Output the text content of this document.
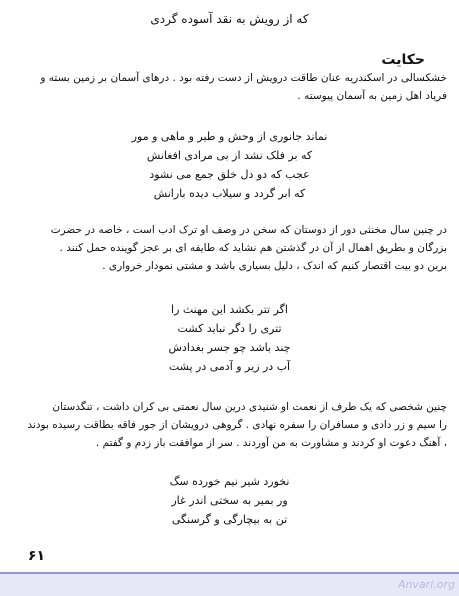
که از رویش به نقد آسوده گردی
حکایت
خشکسالی در اسکندریه عنان طاقت درویش از دست رفته بود . درهای آسمان بر زمین بسته و
فریاد اهل زمین به آسمان پیوسته .
نماند جانوری از وحش و طیر و ماهی و مور
که بر فلک نشد از بی مرادی افغانش
عجب که دو دل خلق جمع می نشود
که ابر گردد و سیلاب دیده بارانش
در چنین سال مخنثی دور از دوستان که سخن در وصف او ترک ادب است ، خاصه در حضرت
بزرگان و بطریق اهمال از آن در گذشتن هم نشاید که طایفه ای بر عجز گوینده حمل کنند .
برین دو بیت اقتصار کنیم که اندک ، دلیل بسیاری باشد و مشتی نمودار خرواری .
اگر تتر بکشد این مهنث را
تتری را دگر نباید کشت
چند باشد چو جسر بغدادش
آب در زیر و آدمی در پشت
چنین شخصی که یک طرف از نعمت او شنیدی درین سال نعمتی بی کران داشت ، تنگدستان
را سیم و زر دادی و مسافران را سفره نهادی . گروهی درویشان از جور فاقه بطاقت رسیده بودند
، آهنگ دعوت او کردند و مشاورت به من آوردند . سر از موافقت باز زدم و گفتم .
نخورد شیر نیم خورده سگ
ور بمیر به سختی اندر غار
تن به بیچارگی و گرسنگی
۶۱
Anvari.org
